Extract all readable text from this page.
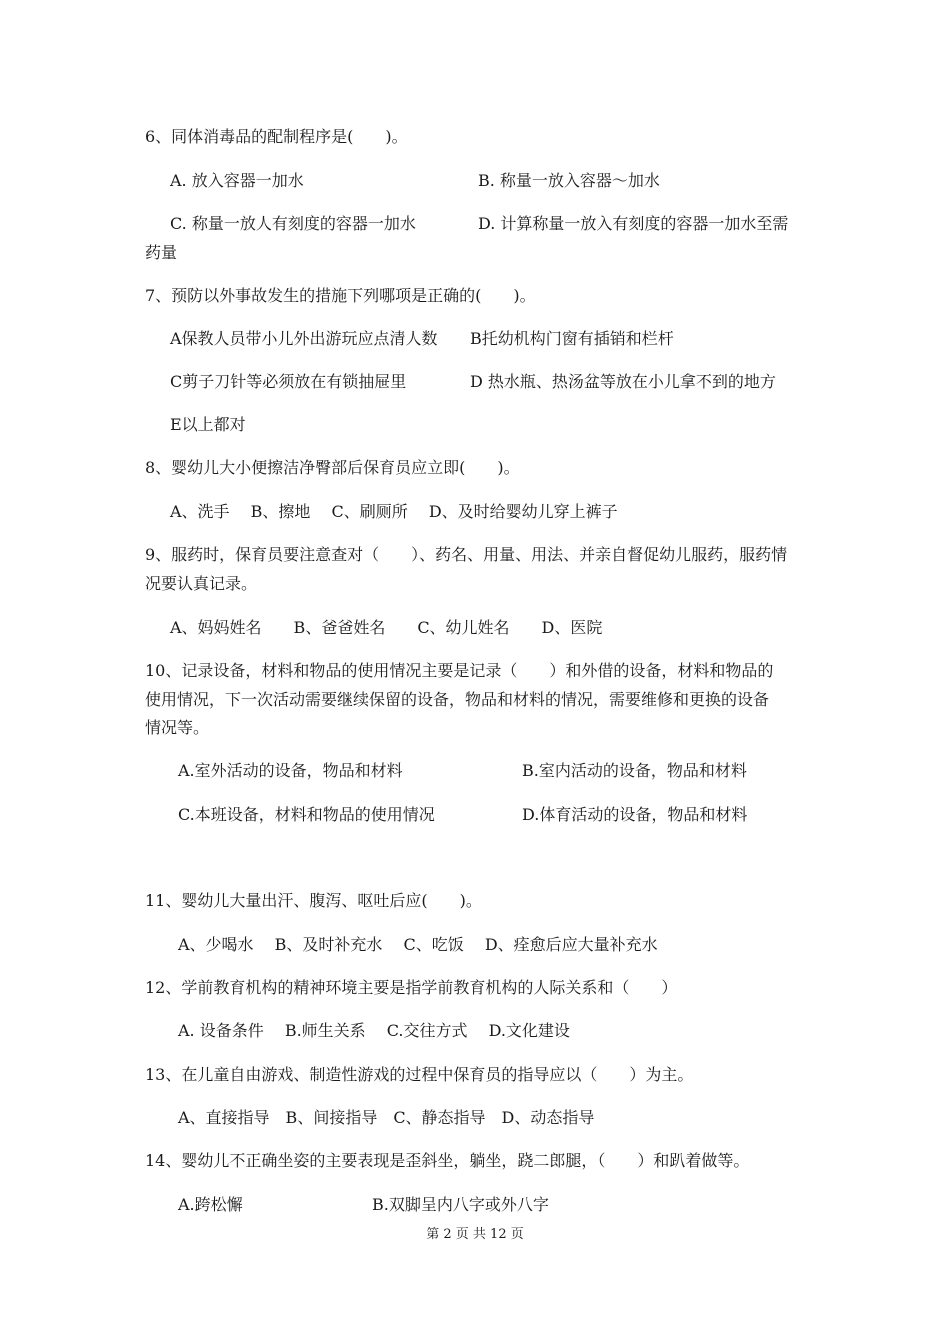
6、同体消毒品的配制程序是(　　)。
A. 放入容器一加水	B. 称量一放入容器～加水
C. 称量一放人有刻度的容器一加水	D. 计算称量一放入有刻度的容器一加水至需
药量
7、预防以外事故发生的措施下列哪项是正确的(　　)。
A保教人员带小儿外出游玩应点清人数 B托幼机构门窗有插销和栏杆
C剪子刀针等必须放在有锁抽屉里	D 热水瓶、热汤盆等放在小儿拿不到的地方
E以上都对
8、婴幼儿大小便擦洁净臀部后保育员应立即(　　)。
A、洗手　 B、擦地　 C、刷厕所　 D、及时给婴幼儿穿上裤子
9、服药时，保育员要注意查对（　　）、药名、用量、用法、并亲自督促幼儿服药，服药情
况要认真记录。
A、妈妈姓名　　B、爸爸姓名　　C、幼儿姓名　　D、医院
10、记录设备，材料和物品的使用情况主要是记录（　　）和外借的设备，材料和物品的
使用情况，下一次活动需要继续保留的设备，物品和材料的情况，需要维修和更换的设备
情况等。
A.室外活动的设备，物品和材料	B.室内活动的设备，物品和材料
C.本班设备，材料和物品的使用情况	D.体育活动的设备，物品和材料
11、婴幼儿大量出汗、腹泻、呕吐后应(　　)。
A、少喝水　 B、及时补充水　 C、吃饭　 D、痊愈后应大量补充水
12、学前教育机构的精神环境主要是指学前教育机构的人际关系和（　　）
A. 设备条件　 B.师生关系　 C.交往方式　 D.文化建设
13、在儿童自由游戏、制造性游戏的过程中保育员的指导应以（　　）为主。
A、直接指导　B、间接指导　C、静态指导　D、动态指导
14、婴幼儿不正确坐姿的主要表现是歪斜坐，躺坐，跷二郎腿，（　　）和趴着做等。
A.跨松懈	B.双脚呈内八字或外八字
第 2 页 共 12 页
